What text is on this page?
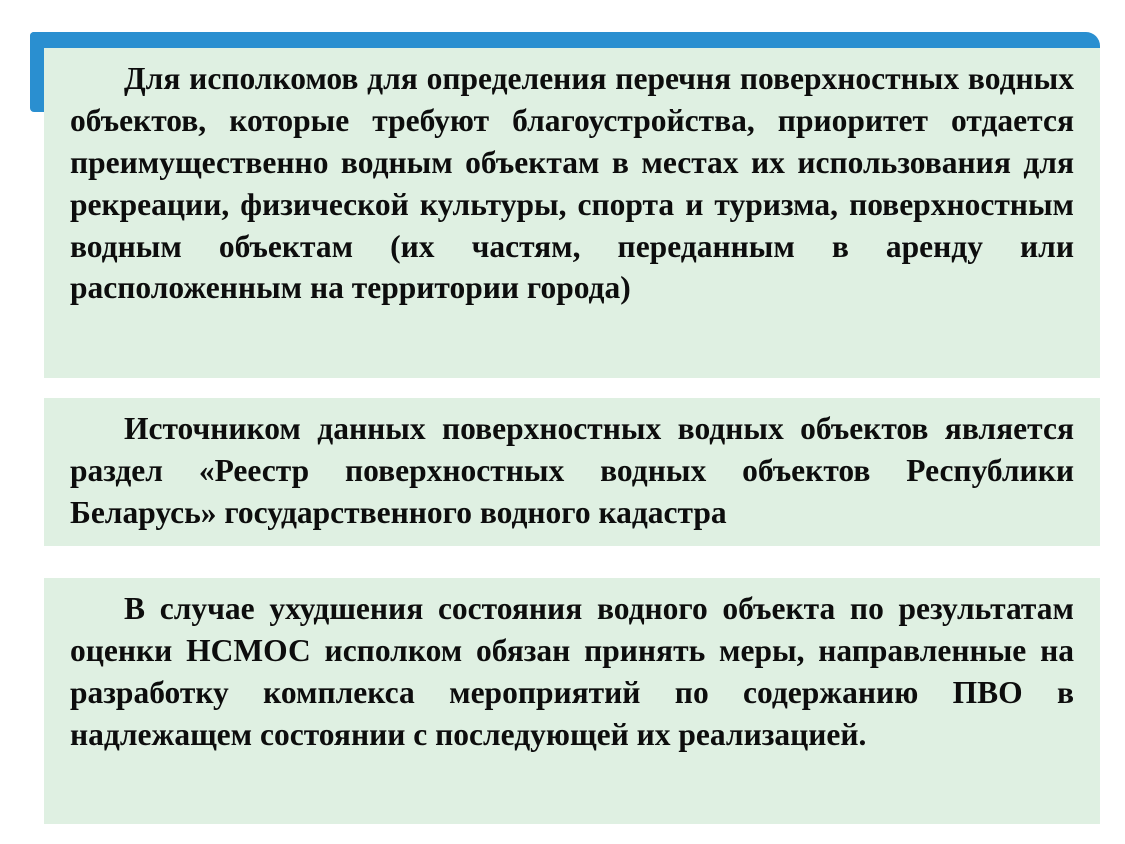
Для исполкомов для определения перечня поверхностных водных объектов, которые требуют благоустройства, приоритет отдается преимущественно водным объектам в местах их использования для рекреации, физической культуры, спорта и туризма, поверхностным водным объектам (их частям, переданным в аренду или расположенным на территории города)

Источником данных поверхностных водных объектов является раздел «Реестр поверхностных водных объектов Республики Беларусь» государственного водного кадастра

В случае ухудшения состояния водного объекта по результатам оценки НСМОС исполком обязан принять меры, направленные на разработку комплекса мероприятий по содержанию ПВО в надлежащем состоянии с последующей их реализацией.
